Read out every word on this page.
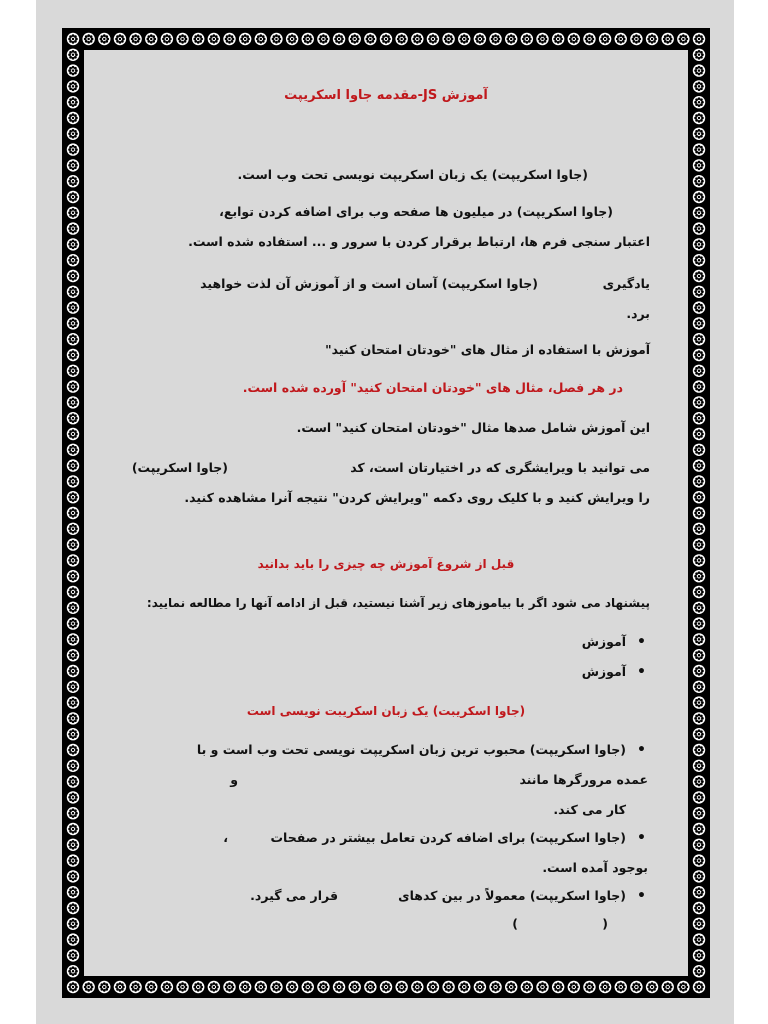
آموزش JS-مقدمه جاوا اسکریپت
(جاوا اسکریپت) یک زبان اسکریپت نویسی تحت وب است.
(جاوا اسکریپت) در میلیون ها صفحه وب برای اضافه کردن توابع،
اعتبار سنجی فرم ها، ارتباط برقرار کردن با سرور و ... استفاده شده است.
یادگیری
(جاوا اسکریپت) آسان است و از آموزش آن لذت خواهید
برد.
آموزش با استفاده از مثال های "خودتان امتحان کنید"
در هر فصل، مثال های "خودتان امتحان کنید" آورده شده است.
این آموزش شامل صدها مثال "خودتان امتحان کنید" است.
می توانید با ویرایشگری که در اختیارتان است، کد
(جاوا اسکریپت)
را ویرایش کنید و با کلیک روی دکمه "ویرایش کردن" نتیجه آنرا مشاهده کنید.
قبل از شروع آموزش چه چیزی را باید بدانید
پیشنهاد می شود اگر با بیاموزهای زیر آشنا نیستید، قبل از ادامه آنها را مطالعه نمایید:
•
آموزش
•
آموزش
(جاوا اسکریبت) یک زبان اسکریبت نویسی است
•
(جاوا اسکریپت) محبوب ترین زبان اسکریپت نویسی تحت وب است و با
عمده مرورگرها مانند
و
کار می کند.
•
(جاوا اسکریپت) برای اضافه کردن تعامل بیشتر در صفحات
،
بوجود آمده است.
•
(جاوا اسکریپت) معمولاً در بین کدهای
قرار می گیرد.
(
)
